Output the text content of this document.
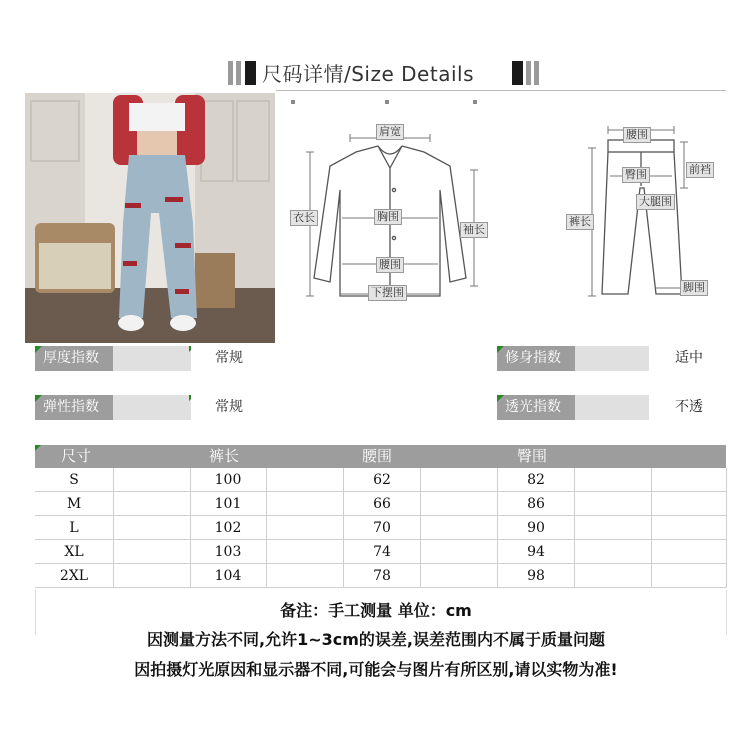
尺码详情/Size Details
肩宽
衣长	胸围
袖长
腰围
下摆围
腰围
前裆
臀围
大腿围
裤长
脚围
厚度指数	常规	修身指数	适中
弹性指数	常规	透光指数	不透
尺寸	裤长	腰围	臀围
S	100	62	82
M	101	66	86
L	102	70	90
XL	103	74	94
2XL	104	78	98
备注：手工测量 单位：cm
因测量方法不同,允许1~3cm的误差,误差范围内不属于质量问题
因拍摄灯光原因和显示器不同,可能会与图片有所区别,请以实物为准!
